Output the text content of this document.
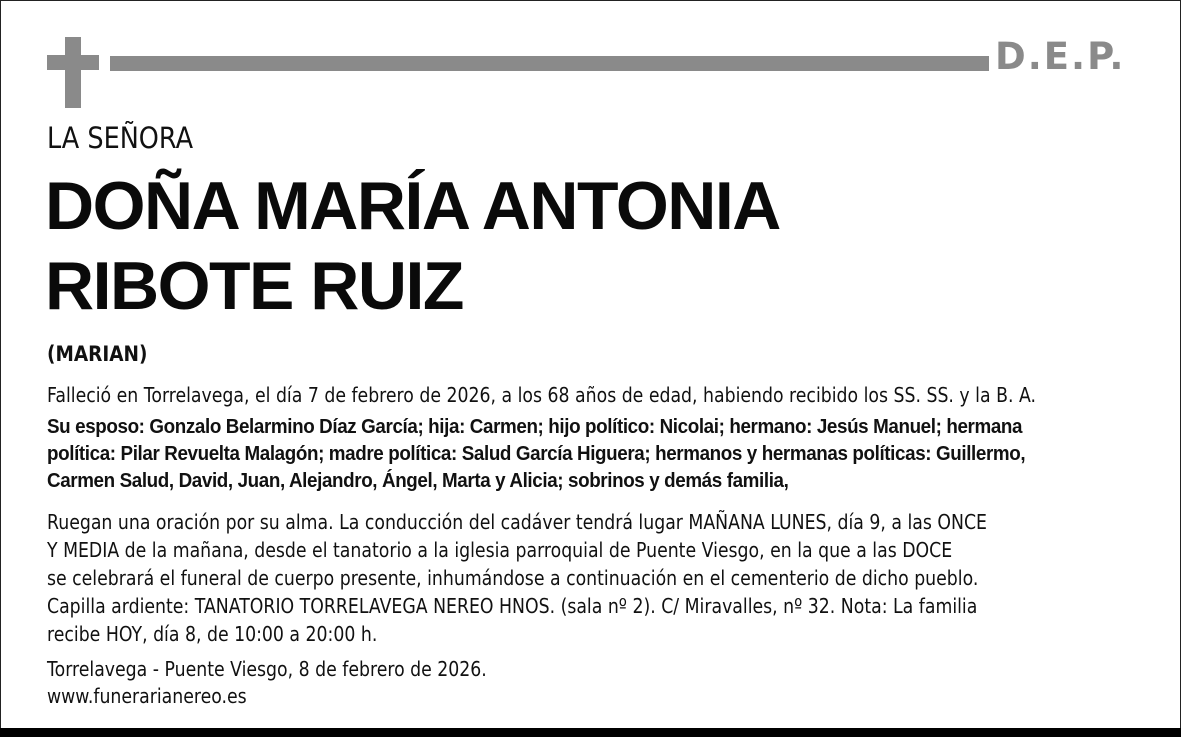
D.E.P.
LA SEÑORA
DOÑA MARÍA ANTONIA
RIBOTE RUIZ
(MARIAN)
Falleció en Torrelavega, el día 7 de febrero de 2026, a los 68 años de edad, habiendo recibido los SS. SS. y la B. A.
Su esposo: Gonzalo Belarmino Díaz García; hija: Carmen; hijo político: Nicolai; hermano: Jesús Manuel; hermana
política: Pilar Revuelta Malagón; madre política: Salud García Higuera; hermanos y hermanas políticas: Guillermo,
Carmen Salud, David, Juan, Alejandro, Ángel, Marta y Alicia; sobrinos y demás familia,
Ruegan una oración por su alma. La conducción del cadáver tendrá lugar MAÑANA LUNES, día 9, a las ONCE
Y MEDIA de la mañana, desde el tanatorio a la iglesia parroquial de Puente Viesgo, en la que a las DOCE
se celebrará el funeral de cuerpo presente, inhumándose a continuación en el cementerio de dicho pueblo.
Capilla ardiente: TANATORIO TORRELAVEGA NEREO HNOS. (sala nº 2). C/ Miravalles, nº 32. Nota: La familia
recibe HOY, día 8, de 10:00 a 20:00 h.
Torrelavega - Puente Viesgo, 8 de febrero de 2026.
www.funerarianereo.es
